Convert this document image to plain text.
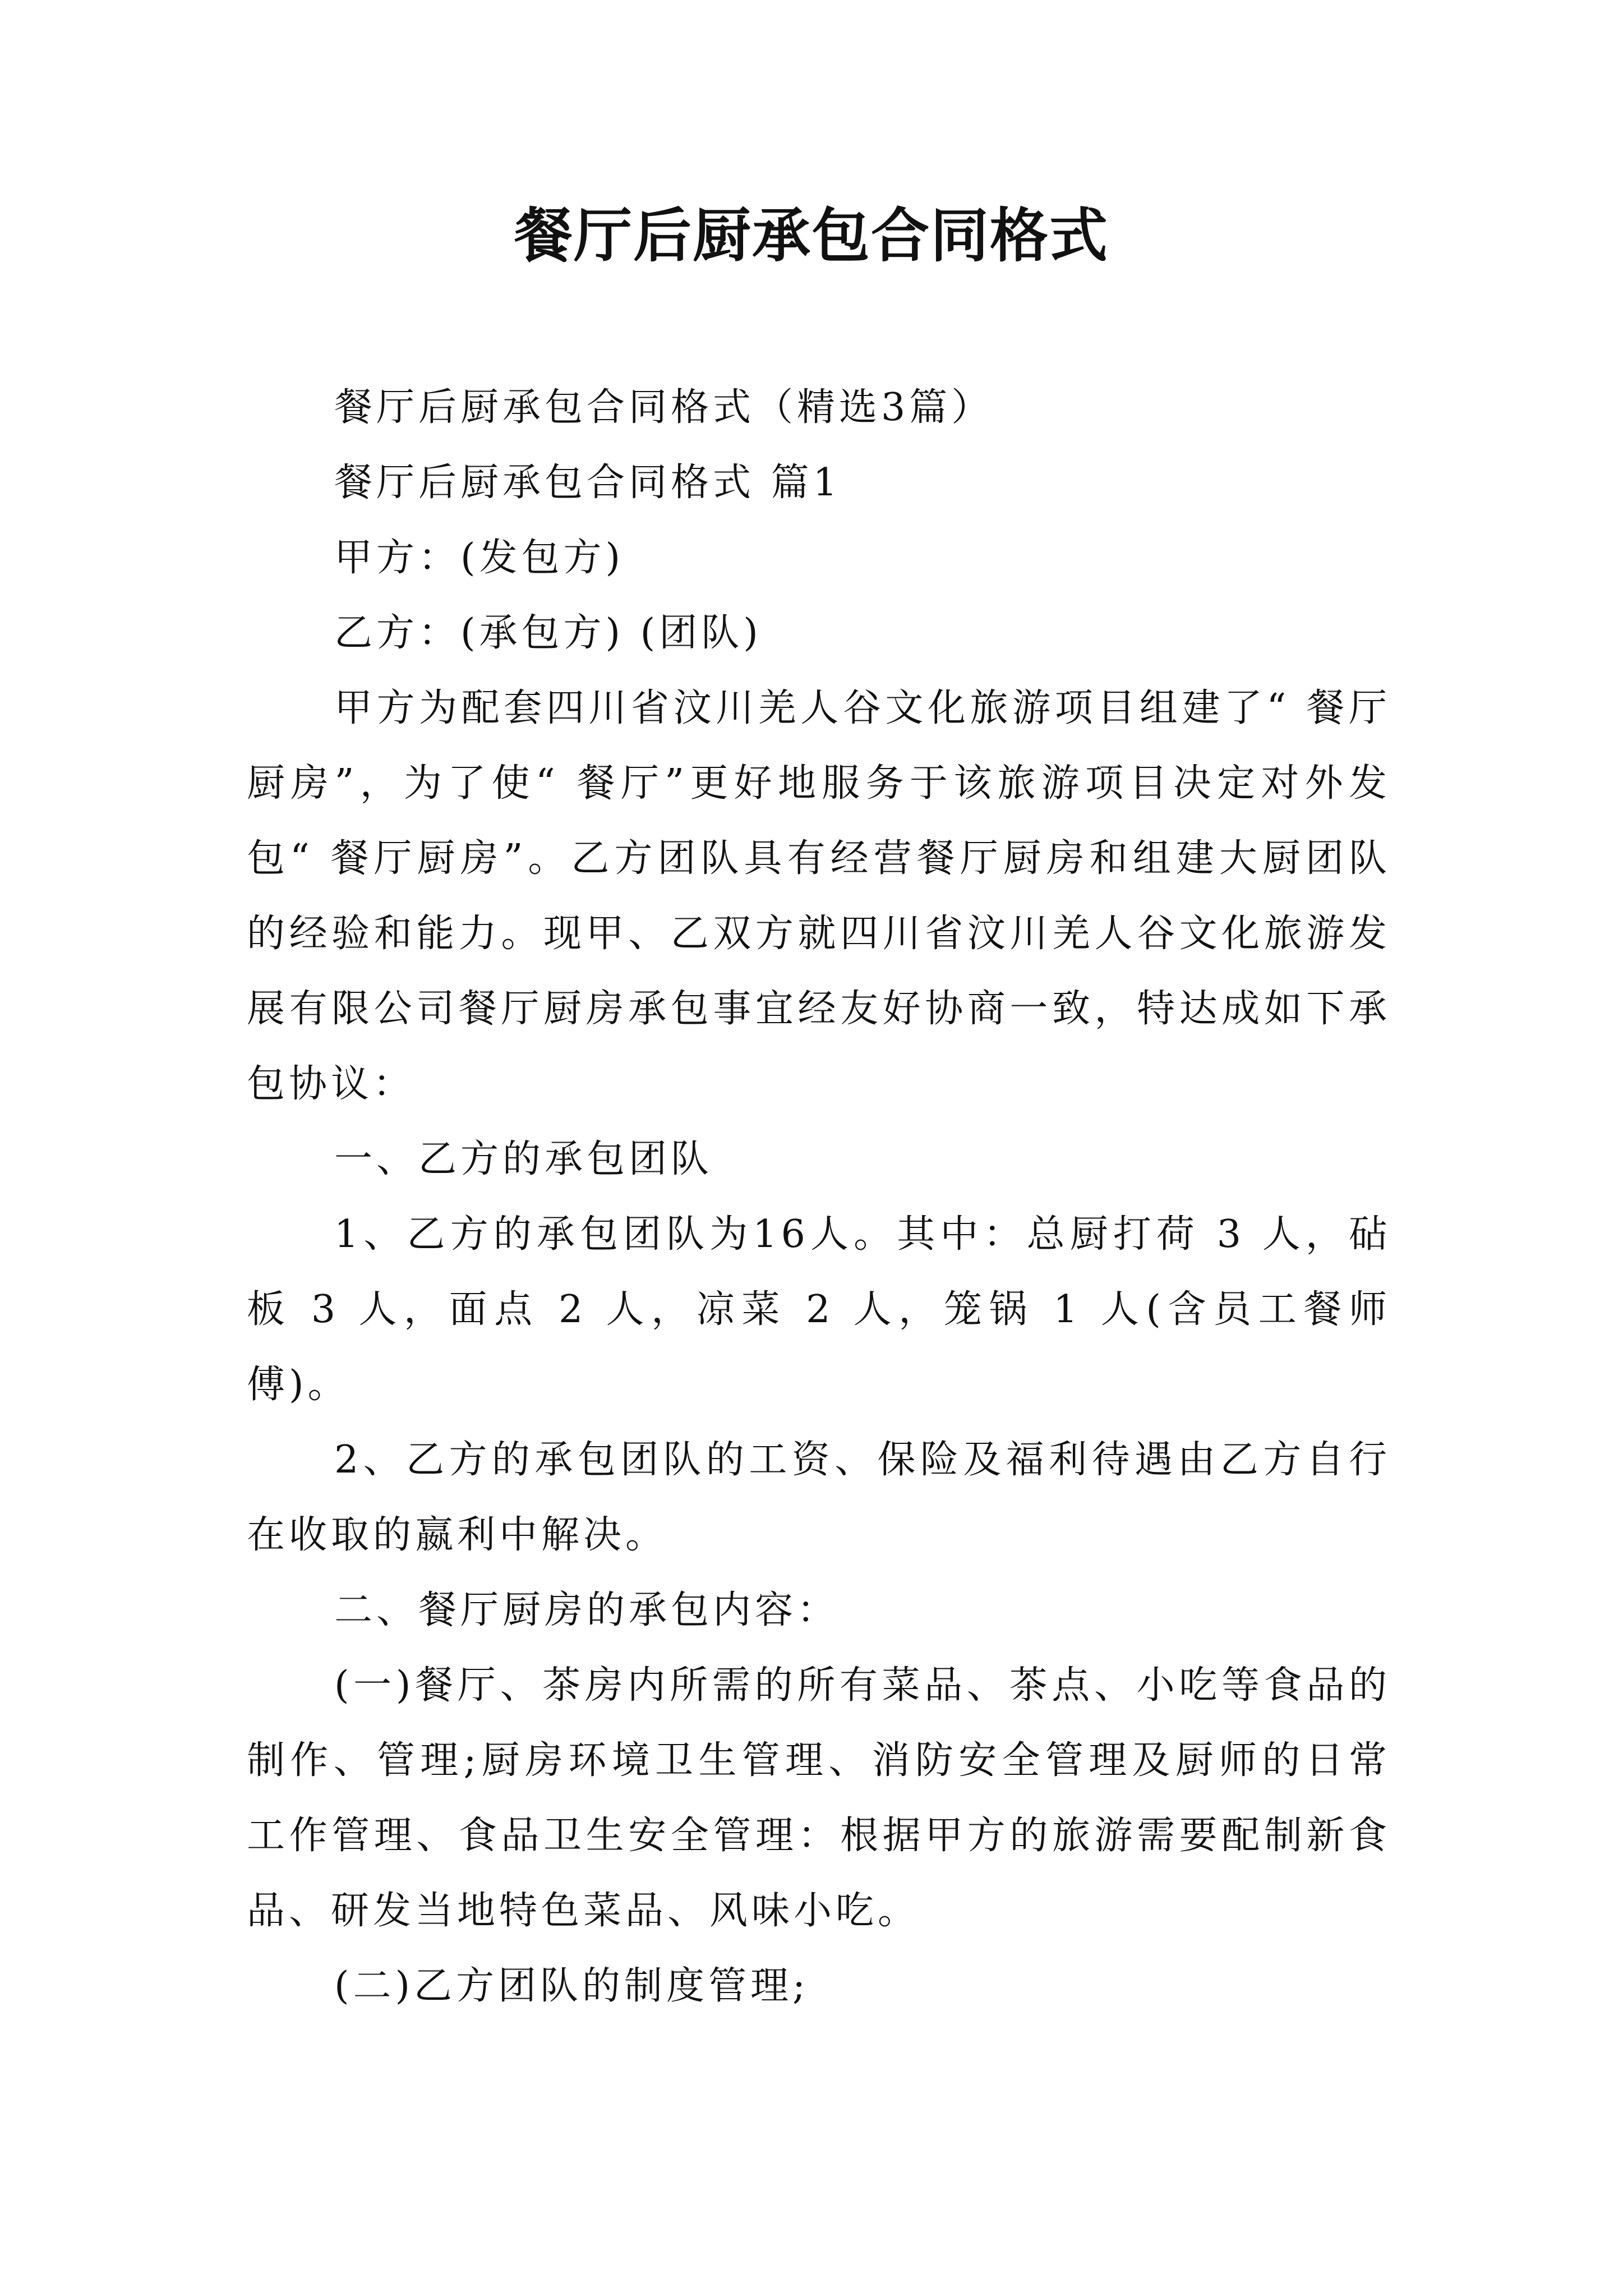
餐厅后厨承包合同格式

餐厅后厨承包合同格式（精选3篇）

餐厅后厨承包合同格式 篇1

甲方：(发包方)

乙方：(承包方) (团队)

甲方为配套四川省汶川羌人谷文化旅游项目组建了“ 餐厅厨房”，为了使“ 餐厅”更好地服务于该旅游项目决定对外发包“ 餐厅厨房”。乙方团队具有经营餐厅厨房和组建大厨团队的经验和能力。现甲、乙双方就四川省汶川羌人谷文化旅游发展有限公司餐厅厨房承包事宜经友好协商一致，特达成如下承包协议：

一、乙方的承包团队

1、乙方的承包团队为16人。其中：总厨打荷 3 人，砧板 3 人，面点 2 人，凉菜 2 人，笼锅 1 人(含员工餐师傅)。

2、乙方的承包团队的工资、保险及福利待遇由乙方自行在收取的嬴利中解决。

二、餐厅厨房的承包内容：

(一)餐厅、茶房内所需的所有菜品、茶点、小吃等食品的制作、管理;厨房环境卫生管理、消防安全管理及厨师的日常工作管理、食品卫生安全管理：根据甲方的旅游需要配制新食品、研发当地特色菜品、风味小吃。

(二)乙方团队的制度管理;
